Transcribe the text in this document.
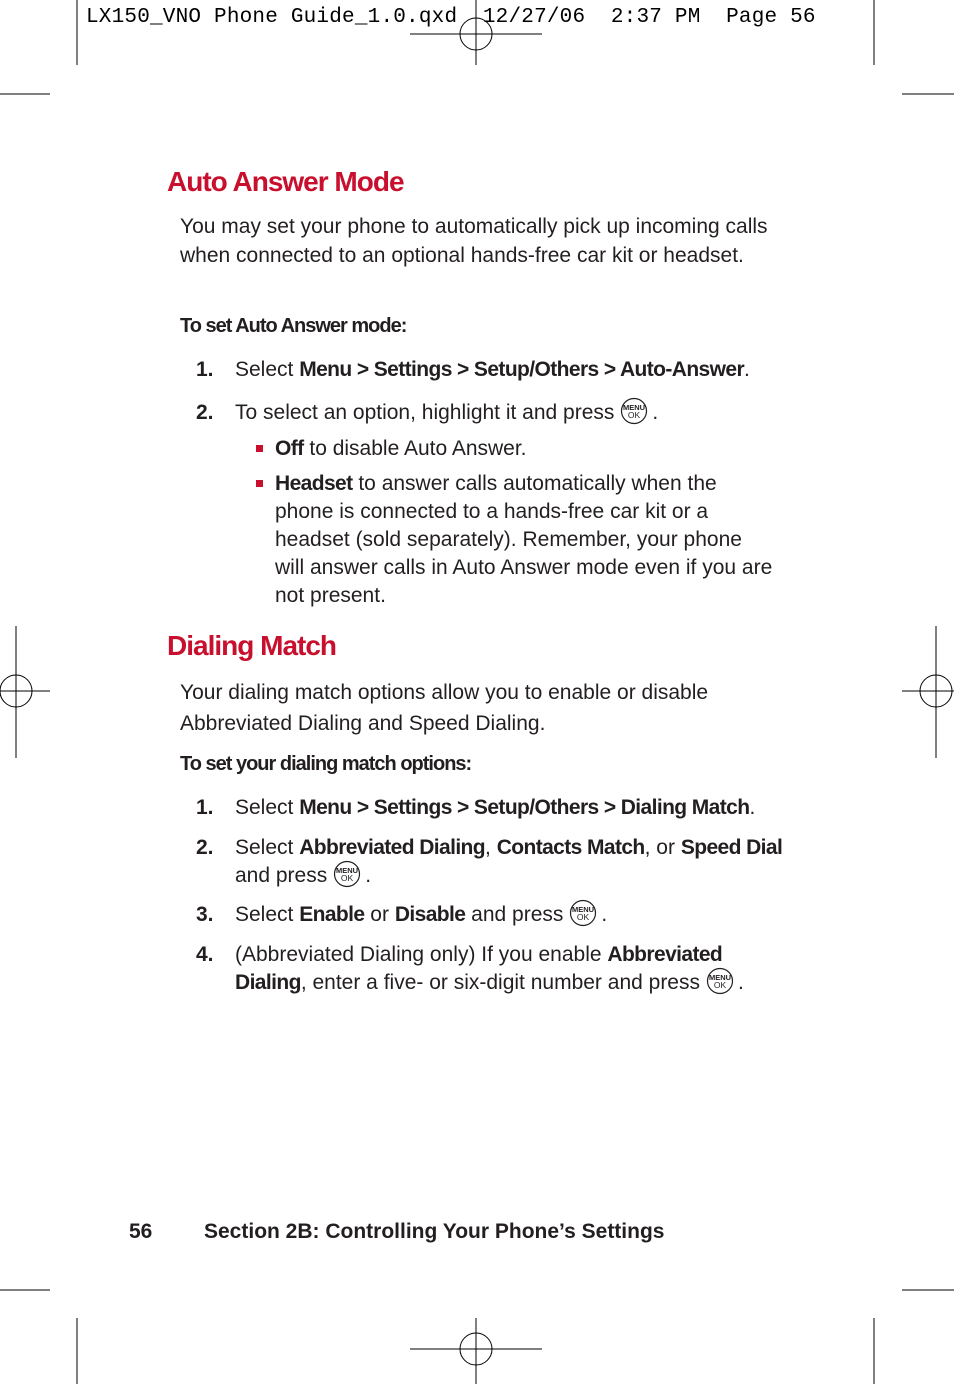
LX150_VNO Phone Guide_1.0.qxd  12/27/06  2:37 PM  Page 56
Auto Answer Mode

You may set your phone to automatically pick up incoming calls when connected to an optional hands-free car kit or headset.

To set Auto Answer mode:

1. Select Menu > Settings > Setup/Others > Auto-Answer.
2. To select an option, highlight it and press .
Off to disable Auto Answer.
Headset to answer calls automatically when the phone is connected to a hands-free car kit or a headset (sold separately). Remember, your phone will answer calls in Auto Answer mode even if you are not present.
Dialing Match

Your dialing match options allow you to enable or disable Abbreviated Dialing and Speed Dialing.

To set your dialing match options:

1. Select Menu > Settings > Setup/Others > Dialing Match.
2. Select Abbreviated Dialing, Contacts Match, or Speed Dial
and press .
3. Select Enable or Disable and press .
4. (Abbreviated Dialing only) If you enable Abbreviated Dialing, enter a five- or six-digit number and press .
56 Section 2B: Controlling Your Phone’s Settings
